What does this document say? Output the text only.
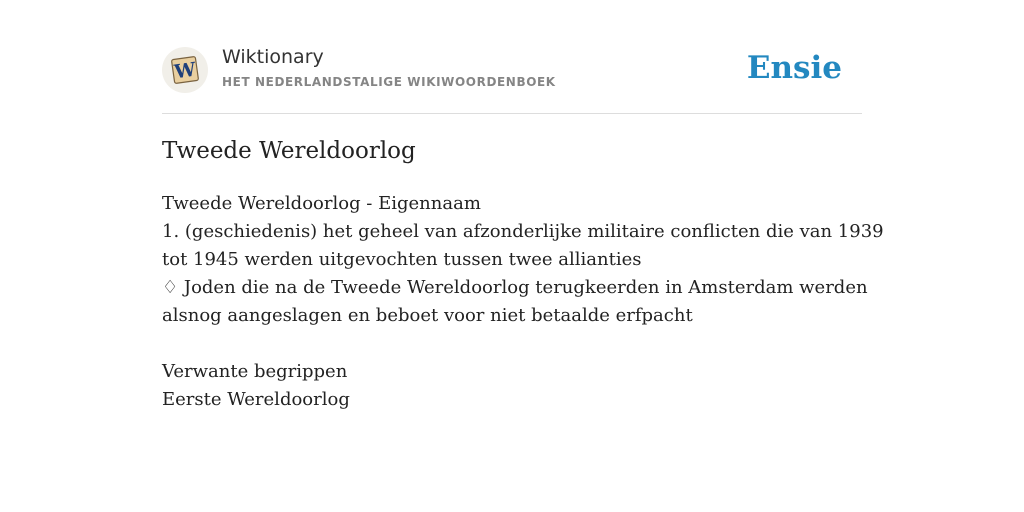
W
Wiktionary
HET NEDERLANDSTALIGE WIKIWOORDENBOEK	Ensie
Tweede Wereldoorlog
Tweede Wereldoorlog - Eigennaam
1. (geschiedenis) het geheel van afzonderlijke militaire conflicten die van 1939
tot 1945 werden uitgevochten tussen twee allianties
♢ Joden die na de Tweede Wereldoorlog terugkeerden in Amsterdam werden
alsnog aangeslagen en beboet voor niet betaalde erfpacht
Verwante begrippen
Eerste Wereldoorlog
